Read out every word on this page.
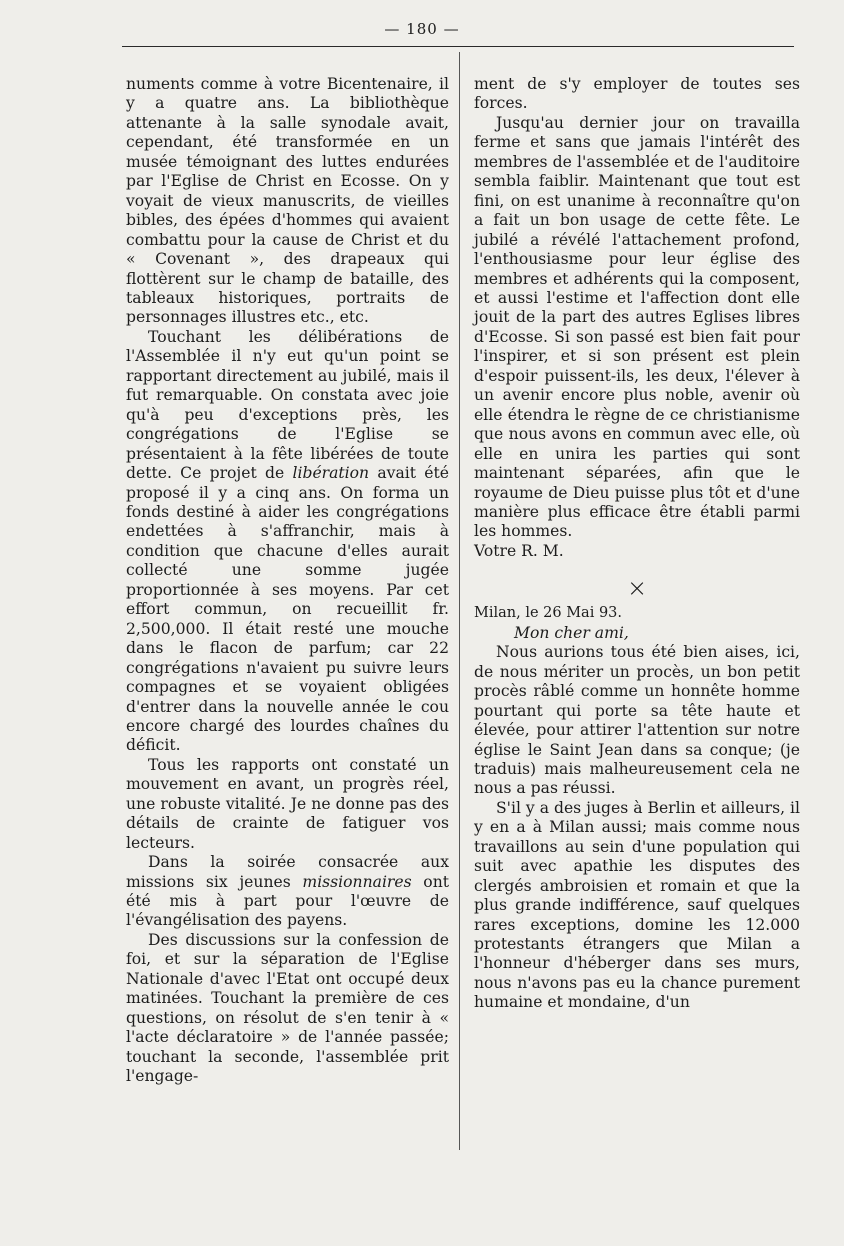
— 180 —

numents comme à votre Bicentenaire, il y a quatre ans. La bibliothèque attenante à la salle synodale avait, cependant, été transformée en un musée témoignant des luttes endurées par l'Eglise de Christ en Ecosse. On y voyait de vieux manuscrits, de vieilles bibles, des épées d'hommes qui avaient combattu pour la cause de Christ et du « Covenant », des drapeaux qui flottèrent sur le champ de bataille, des tableaux historiques, portraits de personnages illustres etc., etc.

Touchant les délibérations de l'Assemblée il n'y eut qu'un point se rapportant directement au jubilé, mais il fut remarquable. On constata avec joie qu'à peu d'exceptions près, les congrégations de l'Eglise se présentaient à la fête libérées de toute dette. Ce projet de libération avait été proposé il y a cinq ans. On forma un fonds destiné à aider les congrégations endettées à s'affranchir, mais à condition que chacune d'elles aurait collecté une somme jugée proportionnée à ses moyens. Par cet effort commun, on recueillit fr. 2,500,000. Il était resté une mouche dans le flacon de parfum; car 22 congrégations n'avaient pu suivre leurs compagnes et se voyaient obligées d'entrer dans la nouvelle année le cou encore chargé des lourdes chaînes du déficit.

Tous les rapports ont constaté un mouvement en avant, un progrès réel, une robuste vitalité. Je ne donne pas des détails de crainte de fatiguer vos lecteurs.

Dans la soirée consacrée aux missions six jeunes missionnaires ont été mis à part pour l'œuvre de l'évangélisation des payens.

Des discussions sur la confession de foi, et sur la séparation de l'Eglise Nationale d'avec l'Etat ont occupé deux matinées. Touchant la première de ces questions, on résolut de s'en tenir à « l'acte déclaratoire » de l'année passée; touchant la seconde, l'assemblée prit l'engage-

ment de s'y employer de toutes ses forces.

Jusqu'au dernier jour on travailla ferme et sans que jamais l'intérêt des membres de l'assemblée et de l'auditoire sembla faiblir. Maintenant que tout est fini, on est unanime à reconnaître qu'on a fait un bon usage de cette fête. Le jubilé a révélé l'attachement profond, l'enthousiasme pour leur église des membres et adhérents qui la composent, et aussi l'estime et l'affection dont elle jouit de la part des autres Eglises libres d'Ecosse. Si son passé est bien fait pour l'inspirer, et si son présent est plein d'espoir puissent-ils, les deux, l'élever à un avenir encore plus noble, avenir où elle étendra le règne de ce christianisme que nous avons en commun avec elle, où elle en unira les parties qui sont maintenant séparées, afin que le royaume de Dieu puisse plus tôt et d'une manière plus efficace être établi parmi les hommes.

Votre R. M.

×

Milan, le 26 Mai 93.

Mon cher ami,

Nous aurions tous été bien aises, ici, de nous mériter un procès, un bon petit procès râblé comme un honnête homme pourtant qui porte sa tête haute et élevée, pour attirer l'attention sur notre église le Saint Jean dans sa conque; (je traduis) mais malheureusement cela ne nous a pas réussi.

S'il y a des juges à Berlin et ailleurs, il y en a à Milan aussi; mais comme nous travaillons au sein d'une population qui suit avec apathie les disputes des clergés ambroisien et romain et que la plus grande indifférence, sauf quelques rares exceptions, domine les 12.000 protestants étrangers que Milan a l'honneur d'héberger dans ses murs, nous n'avons pas eu la chance purement humaine et mondaine, d'un
